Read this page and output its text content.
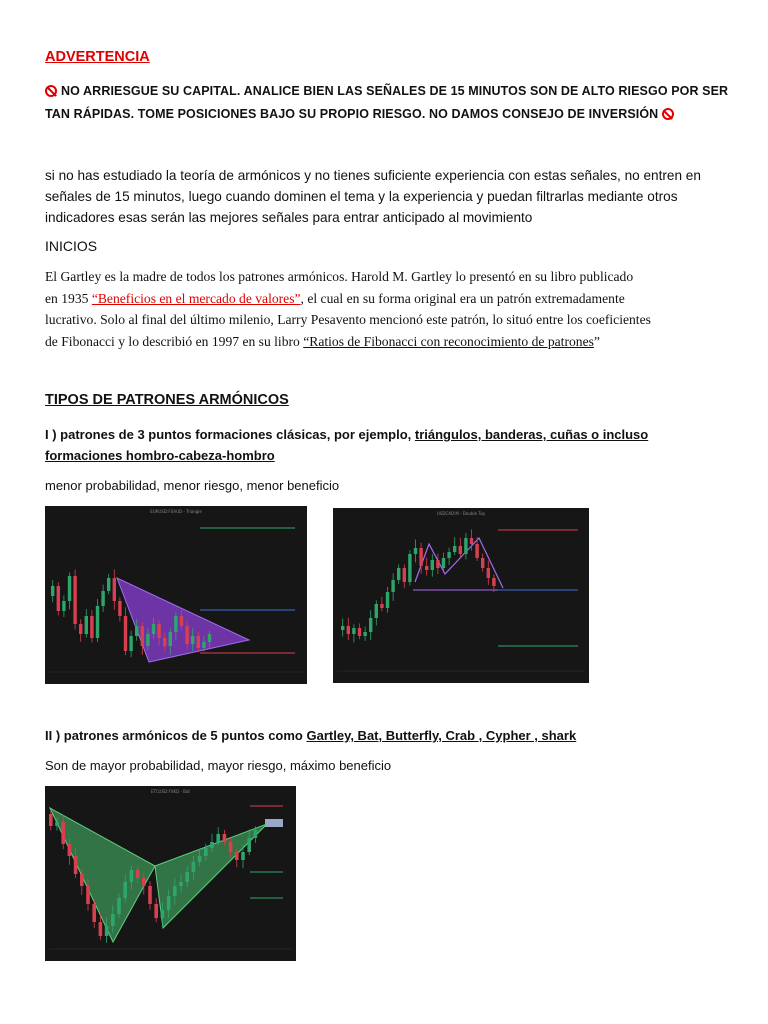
ADVERTENCIA
NO ARRIESGUE SU CAPITAL. ANALICE BIEN LAS SEÑALES DE 15 MINUTOS SON DE ALTO RIESGO POR SER
TAN RÁPIDAS. TOME POSICIONES BAJO SU PROPIO RIESGO. NO DAMOS CONSEJO DE INVERSIÓN
si no has estudiado la teoría de armónicos y no tienes suficiente experiencia con estas señales, no entren en
señales de 15 minutos, luego cuando dominen el tema y la experiencia y puedan filtrarlas mediante otros
indicadores esas serán las mejores señales para entrar anticipado al movimiento
INICIOS
El Gartley es la madre de todos los patrones armónicos. Harold M. Gartley lo presentó en su libro publicado
en 1935 “Beneficios en el mercado de valores”, el cual en su forma original era un patrón extremadamente
lucrativo. Solo al final del último milenio, Larry Pesavento mencionó este patrón, lo situó entre los coeficientes
de Fibonacci y lo describió en 1997 en su libro “Ratios de Fibonacci con reconocimiento de patrones”
TIPOS DE PATRONES ARMÓNICOS
I ) patrones de 3 puntos formaciones clásicas, por ejemplo, triángulos, banderas, cuñas o incluso
formaciones hombro-cabeza-hombro
menor probabilidad, menor riesgo, menor beneficio
EURUSD:FXAUD - Triangle	USDCAD:M - Double Top
II ) patrones armónicos de 5 puntos como Gartley, Bat, Butterfly, Crab , Cypher , shark
Son de mayor probabilidad, mayor riesgo, máximo beneficio
ETCUSD:FXKD - Bat
